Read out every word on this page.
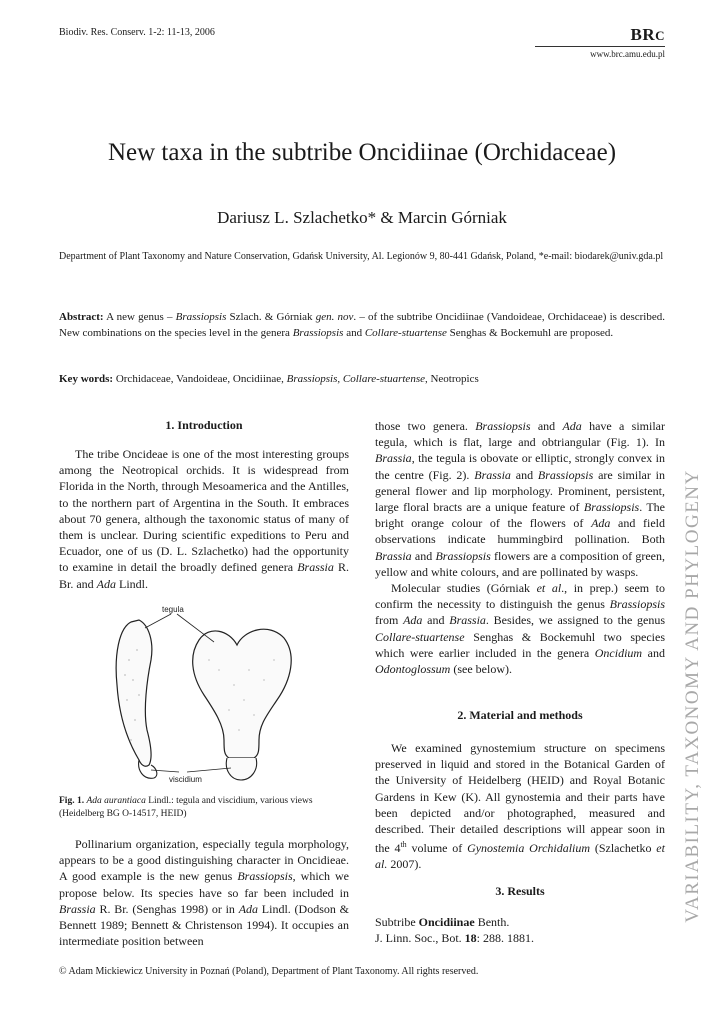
Biodiv. Res. Conserv. 1-2: 11-13, 2006	BRC
www.brc.amu.edu.pl
New taxa in the subtribe Oncidiinae (Orchidaceae)
Dariusz L. Szlachetko* & Marcin Górniak
Department of Plant Taxonomy and Nature Conservation, Gdańsk University, Al. Legionów 9, 80-441 Gdańsk, Poland, *e-mail: biodarek@univ.gda.pl
Abstract: A new genus – Brassiopsis Szlach. & Górniak gen. nov. – of the subtribe Oncidiinae (Vandoideae, Orchidaceae) is described. New combinations on the species level in the genera Brassiopsis and Collare-stuartense Senghas & Bockemuhl are proposed.
Key words: Orchidaceae, Vandoideae, Oncidiinae, Brassiopsis, Collare-stuartense, Neotropics
1. Introduction

The tribe Oncideae is one of the most interesting groups among the Neotropical orchids. It is widespread from Florida in the North, through Mesoamerica and the Antilles, to the northern part of Argentina in the South. It embraces about 70 genera, although the taxonomic status of many of them is unclear. During scientific expeditions to Peru and Ecuador, one of us (D. L. Szlachetko) had the opportunity to examine in detail the broadly defined genera Brassia R. Br. and Ada Lindl.

tegula
viscidium
Fig. 1. Ada aurantiaca Lindl.: tegula and viscidium, various views (Heidelberg BG O-14517, HEID)

Pollinarium organization, especially tegula morphology, appears to be a good distinguishing character in Oncidieae. A good example is the new genus Brassiopsis, which we propose below. Its species have so far been included in Brassia R. Br. (Senghas 1998) or in Ada Lindl. (Dodson & Bennett 1989; Bennett & Christenson 1994). It occupies an intermediate position between

those two genera. Brassiopsis and Ada have a similar tegula, which is flat, large and obtriangular (Fig. 1). In Brassia, the tegula is obovate or elliptic, strongly convex in the centre (Fig. 2). Brassia and Brassiopsis are similar in general flower and lip morphology. Prominent, persistent, large floral bracts are a unique feature of Brassiopsis. The bright orange colour of the flowers of Ada and field observations indicate hummingbird pollination. Both Brassia and Brassiopsis flowers are a composition of green, yellow and white colours, and are pollinated by wasps.

Molecular studies (Górniak et al., in prep.) seem to confirm the necessity to distinguish the genus Brassiopsis from Ada and Brassia. Besides, we assigned to the genus Collare-stuartense Senghas & Bockemuhl two species which were earlier included in the genera Oncidium and Odontoglossum (see below).

2. Material and methods

We examined gynostemium structure on specimens preserved in liquid and stored in the Botanical Garden of the University of Heidelberg (HEID) and Royal Botanic Gardens in Kew (K). All gynostemia and their parts have been depicted and/or photographed, measured and described. Their detailed descriptions will appear soon in the 4th volume of Gynostemia Orchidalium (Szlachetko et al. 2007).

3. Results
Subtribe Oncidiinae Benth.
J. Linn. Soc., Bot. 18: 288. 1881.
VARIABILITY, TAXONOMY AND PHYLOGENY
© Adam Mickiewicz University in Poznań (Poland), Department of Plant Taxonomy. All rights reserved.
